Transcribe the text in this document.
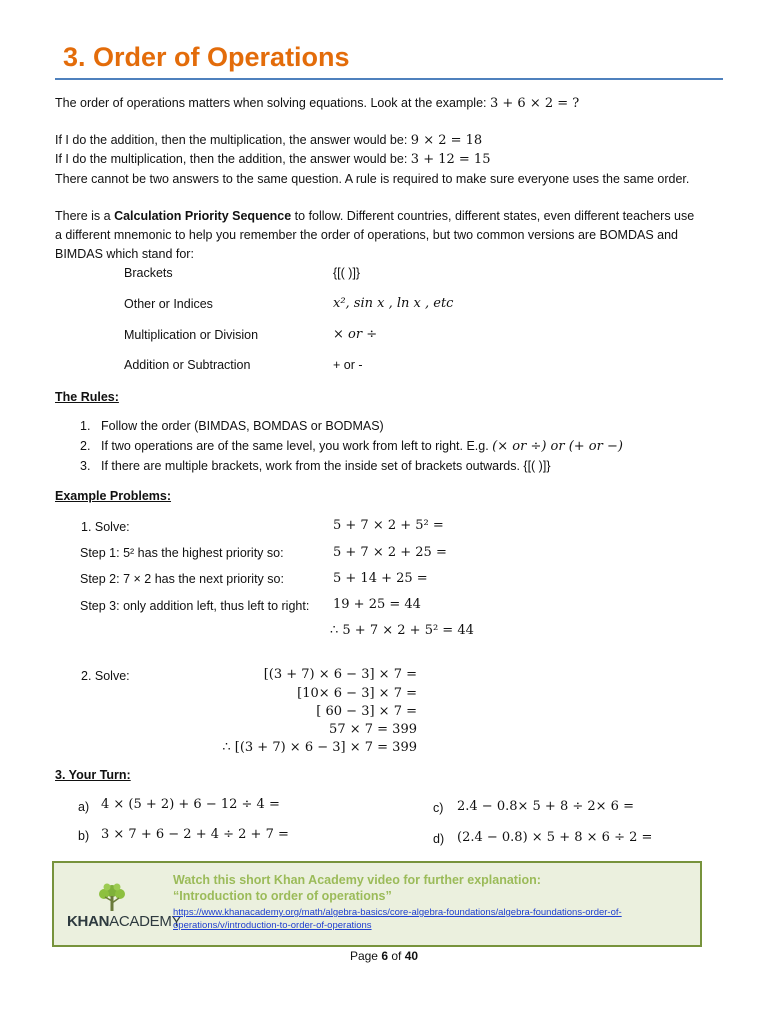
3. Order of Operations
The order of operations matters when solving equations. Look at the example: 3 + 6 × 2 = ?
If I do the addition, then the multiplication, the answer would be: 9 × 2 = 18
If I do the multiplication, then the addition, the answer would be: 3 + 12 = 15
There cannot be two answers to the same question. A rule is required to make sure everyone uses the same order.
There is a Calculation Priority Sequence to follow. Different countries, different states, even different teachers use
a different mnemonic to help you remember the order of operations, but two common versions are BOMDAS and
BIMDAS which stand for:
Brackets	{[( )]}
Other or Indices	x², sin x , ln x , etc
Multiplication or Division	× or ÷
Addition or Subtraction	+ or -
The Rules:
1. Follow the order (BIMDAS, BOMDAS or BODMAS)
2. If two operations are of the same level, you work from left to right. E.g. (× or ÷) or (+ or −)
3. If there are multiple brackets, work from the inside set of brackets outwards. {[( )]}
Example Problems:
1. Solve:	5 + 7 × 2 + 5² =
Step 1: 5² has the highest priority so:	5 + 7 × 2 + 25 =
Step 2: 7 × 2 has the next priority so:	5 + 14 + 25 =
Step 3: only addition left, thus left to right: 19 + 25 = 44
∴ 5 + 7 × 2 + 5² = 44
2. Solve:	[(3 + 7) × 6 − 3] × 7 =
[10× 6 − 3] × 7 =
[ 60 − 3] × 7 =
57 × 7 = 399
∴ [(3 + 7) × 6 − 3] × 7 = 399
3. Your Turn:
a) 4 × (5 + 2) + 6 − 12 ÷ 4 =
b) 3 × 7 + 6 − 2 + 4 ÷ 2 + 7 =
c) 2.4 − 0.8× 5 + 8 ÷ 2× 6 =
d) (2.4 − 0.8) × 5 + 8 × 6 ÷ 2 =
KHANACADEMY
Watch this short Khan Academy video for further explanation:
“Introduction to order of operations”
https://www.khanacademy.org/math/algebra-basics/core-algebra-foundations/algebra-foundations-order-of-
operations/v/introduction-to-order-of-operations
Page 6 of 40
